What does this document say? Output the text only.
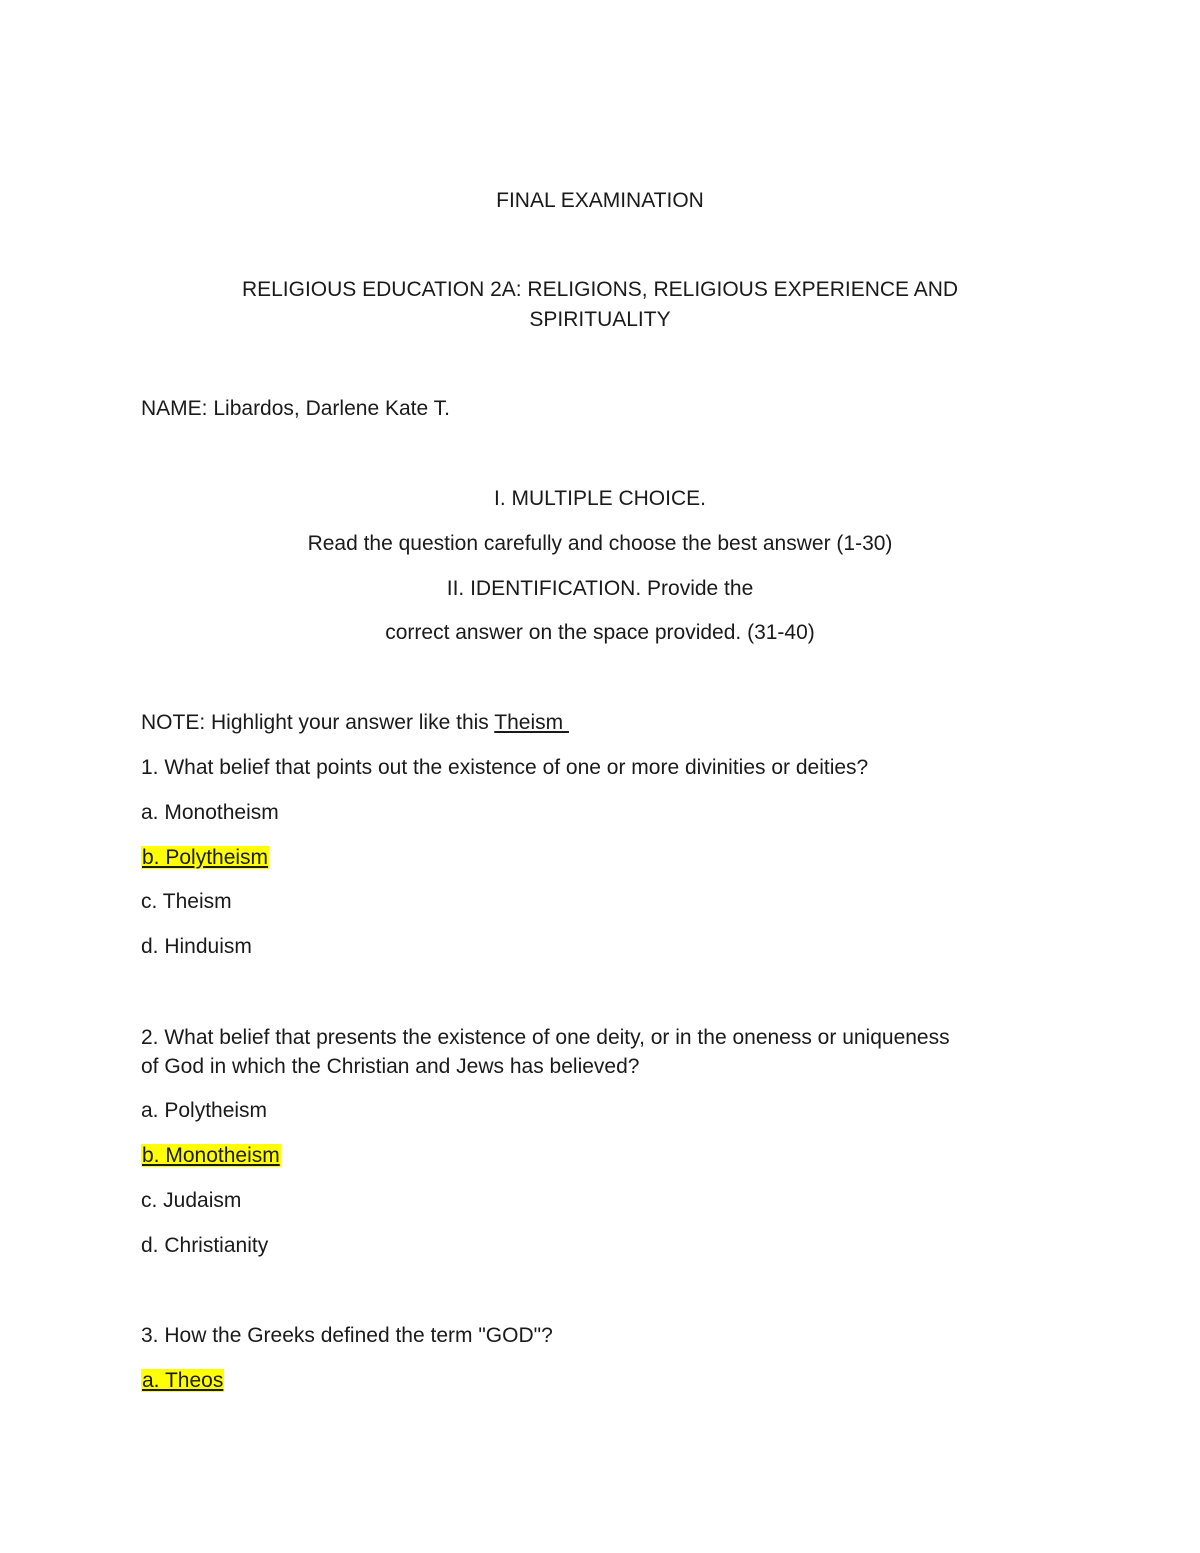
FINAL EXAMINATION

RELIGIOUS EDUCATION 2A: RELIGIONS, RELIGIOUS EXPERIENCE AND

SPIRITUALITY

NAME: Libardos, Darlene Kate T.

I. MULTIPLE CHOICE.

Read the question carefully and choose the best answer (1-30)

II. IDENTIFICATION. Provide the

correct answer on the space provided. (31-40)

NOTE: Highlight your answer like this Theism

1. What belief that points out the existence of one or more divinities or deities?

a. Monotheism

b. Polytheism

c. Theism

d. Hinduism

2. What belief that presents the existence of one deity, or in the oneness or uniqueness

of God in which the Christian and Jews has believed?

a. Polytheism

b. Monotheism

c. Judaism

d. Christianity

3. How the Greeks defined the term "GOD"?

a. Theos
